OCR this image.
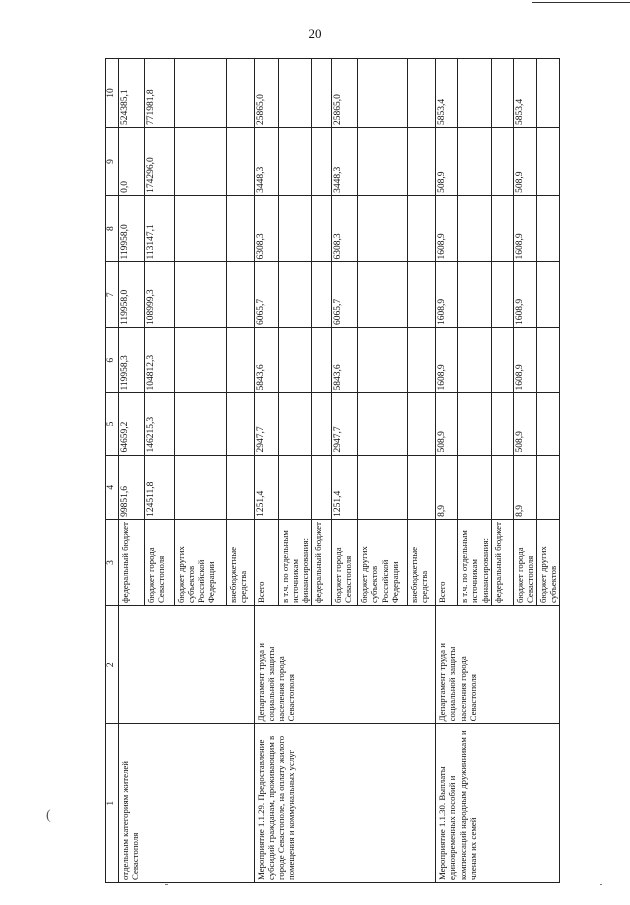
20
(
1	2	3	4	5	6	7	8	9	10
отдельным категориям жителей Севастополя		федеральный бюджет	99851,6	64659,2	119958,3	119958,0	119958,0	0,0	524385,1
		бюджет города Севастополя	124511,8	146215,3	104812,3	108999,3	113147,1	174296,0	771981,8
		бюджет других субъектов Российской Федерации							
		внебюджетные средства							
Мероприятие 1.1.29. Предоставление субсидий гражданам, проживающим в городе Севастополе, на оплату жилого помещения и коммунальных услуг	Департамент труда и социальной защиты населения города Севастополя	Всего	1251,4	2947,7	5843,6	6065,7	6308,3	3448,3	25865,0
		в т.ч. по отдельным источникам финансирования:							
		федеральный бюджет							
		бюджет города Севастополя	1251,4	2947,7	5843,6	6065,7	6308,3	3448,3	25865,0
		бюджет других субъектов Российской Федерации							
		внебюджетные средства							
Мероприятие 1.1.30. Выплаты единовременных пособий и компенсаций народным дружинникам и членам их семей	Департамент труда и социальной защиты населения города Севастополя	Всего	8,9	508,9	1608,9	1608,9	1608,9	508,9	5853,4
		в т.ч. по отдельным источникам финансирования:							
		федеральный бюджет							
		бюджет города Севастополя	8,9	508,9	1608,9	1608,9	1608,9	508,9	5853,4
		бюджет других субъектов							
